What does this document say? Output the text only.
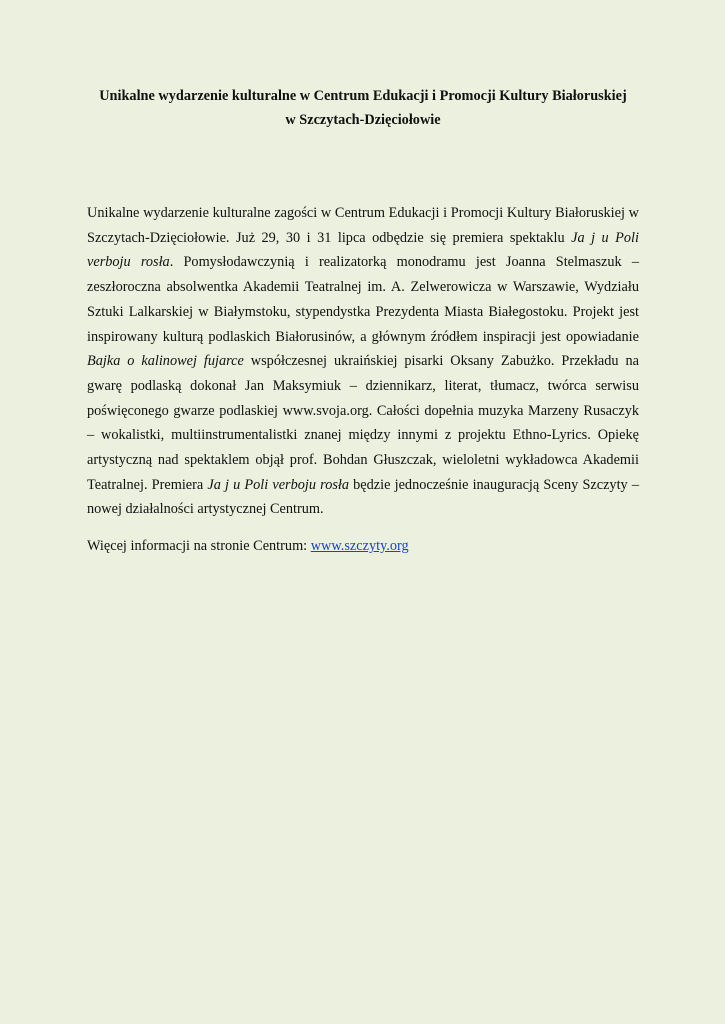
Unikalne wydarzenie kulturalne w Centrum Edukacji i Promocji Kultury Białoruskiej
w Szczytach-Dzięciołowie

Unikalne wydarzenie kulturalne zagości w Centrum Edukacji i Promocji Kultury Białoruskiej w Szczytach-Dzięciołowie. Już 29, 30 i 31 lipca odbędzie się premiera spektaklu Ja j u Poli verboju rosła. Pomysłodawczynią i realizatorką monodramu jest Joanna Stelmaszuk – zeszłoroczna absolwentka Akademii Teatralnej im. A. Zelwerowicza w Warszawie, Wydziału Sztuki Lalkarskiej w Białymstoku, stypendystka Prezydenta Miasta Białegostoku. Projekt jest inspirowany kulturą podlaskich Białorusinów, a głównym źródłem inspiracji jest opowiadanie Bajka o kalinowej fujarce współczesnej ukraińskiej pisarki Oksany Zabużko. Przekładu na gwarę podlaską dokonał Jan Maksymiuk – dziennikarz, literat, tłumacz, twórca serwisu poświęconego gwarze podlaskiej www.svoja.org. Całości dopełnia muzyka Marzeny Rusaczyk – wokalistki, multiinstrumentalistki znanej między innymi z projektu Ethno-Lyrics. Opiekę artystyczną nad spektaklem objął prof. Bohdan Głuszczak, wieloletni wykładowca Akademii Teatralnej. Premiera Ja j u Poli verboju rosła będzie jednocześnie inauguracją Sceny Szczyty – nowej działalności artystycznej Centrum.

Więcej informacji na stronie Centrum: www.szczyty.org
